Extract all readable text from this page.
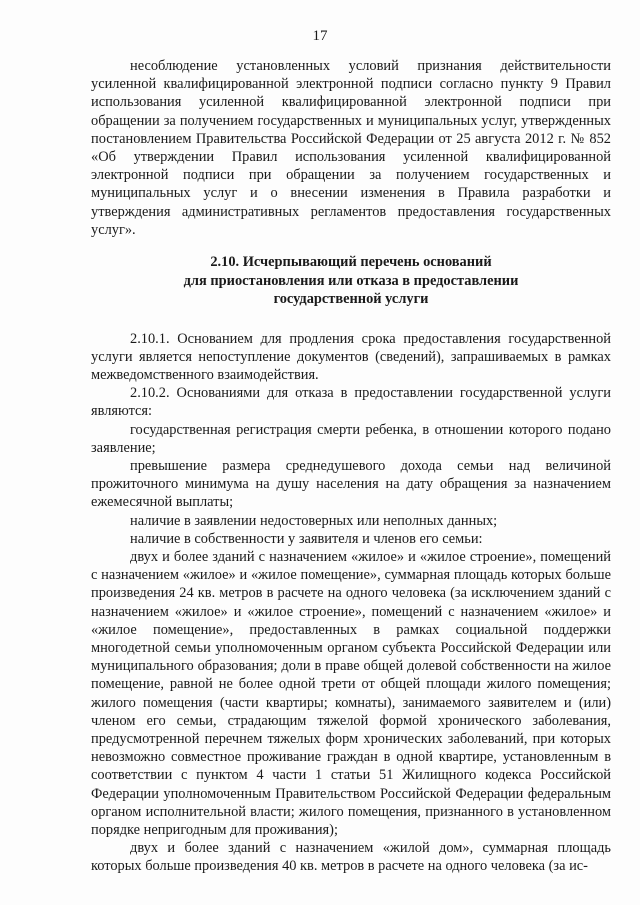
17

несоблюдение установленных условий признания действительности усиленной квалифицированной электронной подписи согласно пункту 9 Правил использования усиленной квалифицированной электронной подписи при обращении за получением государственных и муниципальных услуг, утвержденных постановлением Правительства Российской Федерации от 25 августа 2012 г. № 852 «Об утверждении Правил использования усиленной квалифицированной электронной подписи при обращении за получением государственных и муниципальных услуг и о внесении изменения в Правила разработки и утверждения административных регламентов предоставления государственных услуг».

2.10. Исчерпывающий перечень оснований
для приостановления или отказа в предоставлении
государственной услуги

2.10.1. Основанием для продления срока предоставления государственной услуги является непоступление документов (сведений), запрашиваемых в рамках межведомственного взаимодействия.

2.10.2. Основаниями для отказа в предоставлении государственной услуги являются:

государственная регистрация смерти ребенка, в отношении которого подано заявление;

превышение размера среднедушевого дохода семьи над величиной прожиточного минимума на душу населения на дату обращения за назначением ежемесячной выплаты;

наличие в заявлении недостоверных или неполных данных;

наличие в собственности у заявителя и членов его семьи:

двух и более зданий с назначением «жилое» и «жилое строение», помещений с назначением «жилое» и «жилое помещение», суммарная площадь которых больше произведения 24 кв. метров в расчете на одного человека (за исключением зданий с назначением «жилое» и «жилое строение», помещений с назначением «жилое» и «жилое помещение», предоставленных в рамках социальной поддержки многодетной семьи уполномоченным органом субъекта Российской Федерации или муниципального образования; доли в праве общей долевой собственности на жилое помещение, равной не более одной трети от общей площади жилого помещения; жилого помещения (части квартиры; комнаты), занимаемого заявителем и (или) членом его семьи, страдающим тяжелой формой хронического заболевания, предусмотренной перечнем тяжелых форм хронических заболеваний, при которых невозможно совместное проживание граждан в одной квартире, установленным в соответствии с пунктом 4 части 1 статьи 51 Жилищного кодекса Российской Федерации уполномоченным Правительством Российской Федерации федеральным органом исполнительной власти; жилого помещения, признанного в установленном порядке непригодным для проживания);

двух и более зданий с назначением «жилой дом», суммарная площадь которых больше произведения 40 кв. метров в расчете на одного человека (за ис-
